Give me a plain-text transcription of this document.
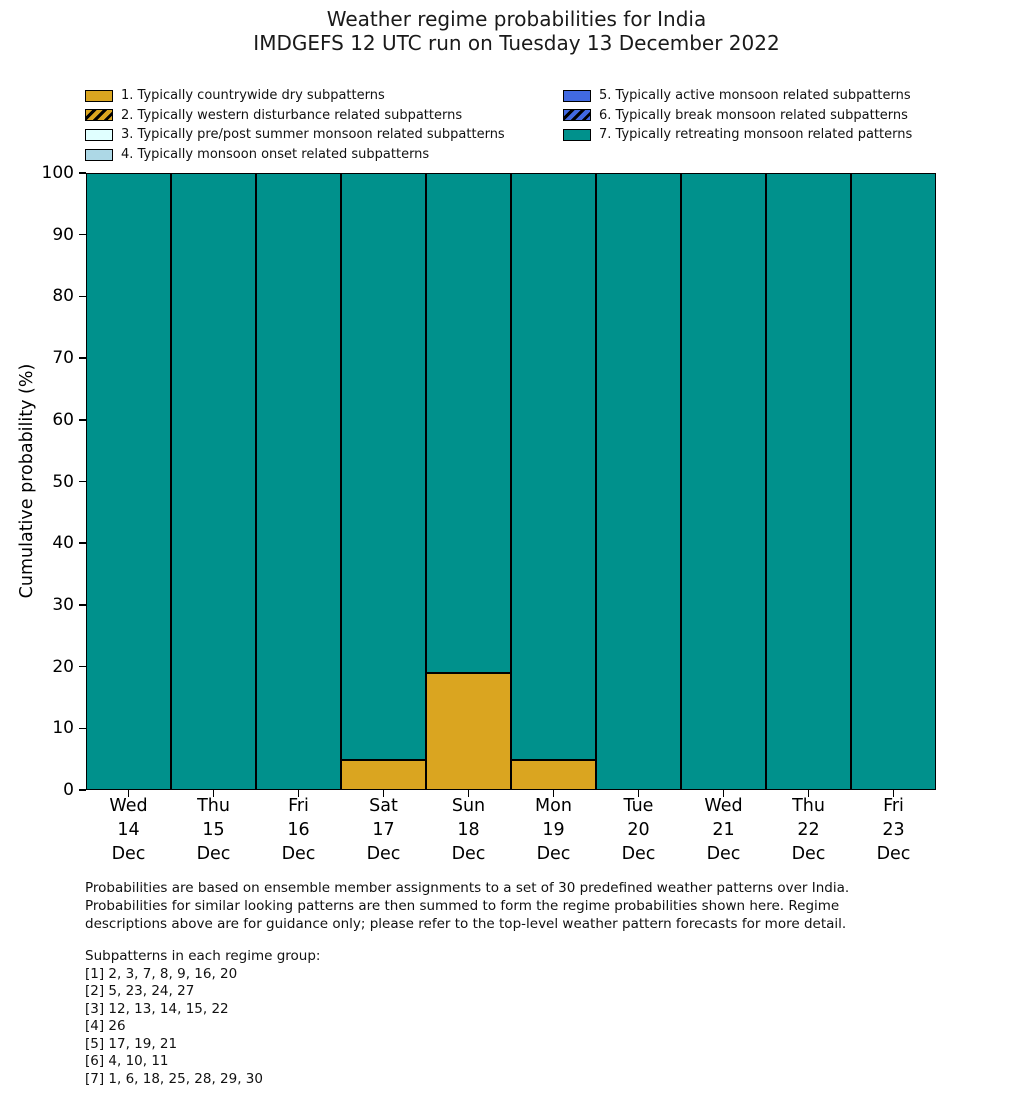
Weather regime probabilities for India
IMDGEFS 12 UTC run on Tuesday 13 December 2022
1. Typically countrywide dry subpatterns
2. Typically western disturbance related subpatterns
3. Typically pre/post summer monsoon related subpatterns
4. Typically monsoon onset related subpatterns
5. Typically active monsoon related subpatterns
6. Typically break monsoon related subpatterns
7. Typically retreating monsoon related patterns
Cumulative probability (%)
Probabilities are based on ensemble member assignments to a set of 30 predefined weather patterns over India.
Probabilities for similar looking patterns are then summed to form the regime probabilities shown here. Regime
descriptions above are for guidance only; please refer to the top-level weather pattern forecasts for more detail.
Subpatterns in each regime group:
[1] 2, 3, 7, 8, 9, 16, 20
[2] 5, 23, 24, 27
[3] 12, 13, 14, 15, 22
[4] 26
[5] 17, 19, 21
[6] 4, 10, 11
[7] 1, 6, 18, 25, 28, 29, 30
0
10
20
30
40
50
60
70
80
90
100
Wed
14
Dec
Thu
15
Dec
Fri
16
Dec
Sat
17
Dec
Sun
18
Dec
Mon
19
Dec
Tue
20
Dec
Wed
21
Dec
Thu
22
Dec
Fri
23
Dec
